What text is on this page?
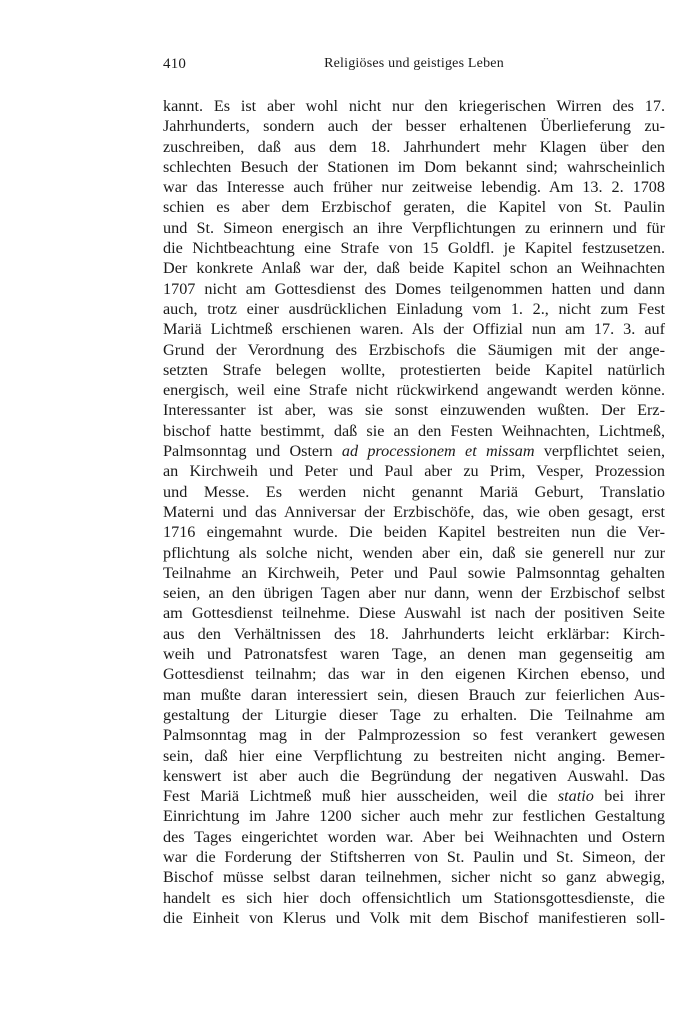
410	Religiöses und geistiges Leben
kannt. Es ist aber wohl nicht nur den kriegerischen Wirren des 17.
Jahrhunderts, sondern auch der besser erhaltenen Überlieferung zu-
zuschreiben, daß aus dem 18. Jahrhundert mehr Klagen über den
schlechten Besuch der Stationen im Dom bekannt sind; wahrscheinlich
war das Interesse auch früher nur zeitweise lebendig. Am 13. 2. 1708
schien es aber dem Erzbischof geraten, die Kapitel von St. Paulin
und St. Simeon energisch an ihre Verpflichtungen zu erinnern und für
die Nichtbeachtung eine Strafe von 15 Goldfl. je Kapitel festzusetzen.
Der konkrete Anlaß war der, daß beide Kapitel schon an Weihnachten
1707 nicht am Gottesdienst des Domes teilgenommen hatten und dann
auch, trotz einer ausdrücklichen Einladung vom 1. 2., nicht zum Fest
Mariä Lichtmeß erschienen waren. Als der Offizial nun am 17. 3. auf
Grund der Verordnung des Erzbischofs die Säumigen mit der ange-
setzten Strafe belegen wollte, protestierten beide Kapitel natürlich
energisch, weil eine Strafe nicht rückwirkend angewandt werden könne.
Interessanter ist aber, was sie sonst einzuwenden wußten. Der Erz-
bischof hatte bestimmt, daß sie an den Festen Weihnachten, Lichtmeß,
Palmsonntag und Ostern ad processionem et missam verpflichtet seien,
an Kirchweih und Peter und Paul aber zu Prim, Vesper, Prozession
und Messe. Es werden nicht genannt Mariä Geburt, Translatio
Materni und das Anniversar der Erzbischöfe, das, wie oben gesagt, erst
1716 eingemahnt wurde. Die beiden Kapitel bestreiten nun die Ver-
pflichtung als solche nicht, wenden aber ein, daß sie generell nur zur
Teilnahme an Kirchweih, Peter und Paul sowie Palmsonntag gehalten
seien, an den übrigen Tagen aber nur dann, wenn der Erzbischof selbst
am Gottesdienst teilnehme. Diese Auswahl ist nach der positiven Seite
aus den Verhältnissen des 18. Jahrhunderts leicht erklärbar: Kirch-
weih und Patronatsfest waren Tage, an denen man gegenseitig am
Gottesdienst teilnahm; das war in den eigenen Kirchen ebenso, und
man mußte daran interessiert sein, diesen Brauch zur feierlichen Aus-
gestaltung der Liturgie dieser Tage zu erhalten. Die Teilnahme am
Palmsonntag mag in der Palmprozession so fest verankert gewesen
sein, daß hier eine Verpflichtung zu bestreiten nicht anging. Bemer-
kenswert ist aber auch die Begründung der negativen Auswahl. Das
Fest Mariä Lichtmeß muß hier ausscheiden, weil die statio bei ihrer
Einrichtung im Jahre 1200 sicher auch mehr zur festlichen Gestaltung
des Tages eingerichtet worden war. Aber bei Weihnachten und Ostern
war die Forderung der Stiftsherren von St. Paulin und St. Simeon, der
Bischof müsse selbst daran teilnehmen, sicher nicht so ganz abwegig,
handelt es sich hier doch offensichtlich um Stationsgottesdienste, die
die Einheit von Klerus und Volk mit dem Bischof manifestieren soll-
